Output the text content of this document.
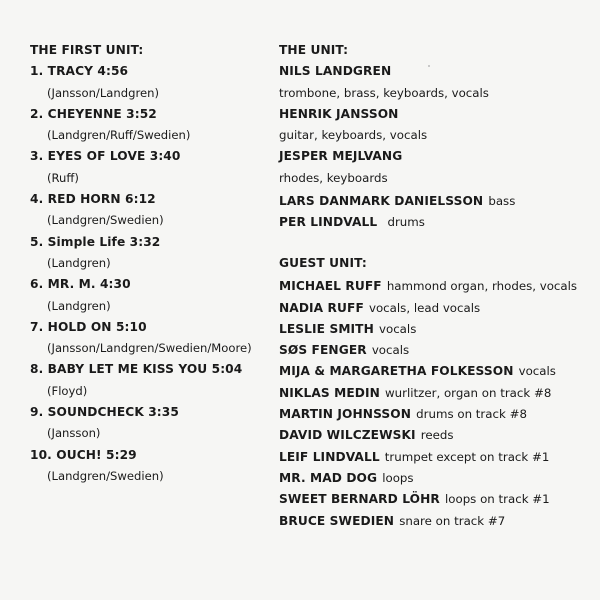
THE FIRST UNIT:
1. TRACY 4:56
(Jansson/Landgren)
2. CHEYENNE 3:52
(Landgren/Ruff/Swedien)
3. EYES OF LOVE 3:40
(Ruff)
4. RED HORN 6:12
(Landgren/Swedien)
5. Simple Life 3:32
(Landgren)
6. MR. M. 4:30
(Landgren)
7. HOLD ON 5:10
(Jansson/Landgren/Swedien/Moore)
8. BABY LET ME KISS YOU 5:04
(Floyd)
9. SOUNDCHECK 3:35
(Jansson)
10. OUCH! 5:29
(Landgren/Swedien)
THE UNIT:
NILS LANDGREN
trombone, brass, keyboards, vocals
HENRIK JANSSON
guitar, keyboards, vocals
JESPER MEJLVANG
rhodes, keyboards
LARS DANMARK DANIELSSON bass
PER LINDVALL drums
GUEST UNIT:
MICHAEL RUFF hammond organ, rhodes, vocals
NADIA RUFF vocals, lead vocals
LESLIE SMITH vocals
SØS FENGER vocals
MIJA & MARGARETHA FOLKESSON vocals
NIKLAS MEDIN wurlitzer, organ on track #8
MARTIN JOHNSSON drums on track #8
DAVID WILCZEWSKI reeds
LEIF LINDVALL trumpet except on track #1
MR. MAD DOG loops
SWEET BERNARD LÖHR loops on track #1
BRUCE SWEDIEN snare on track #7
